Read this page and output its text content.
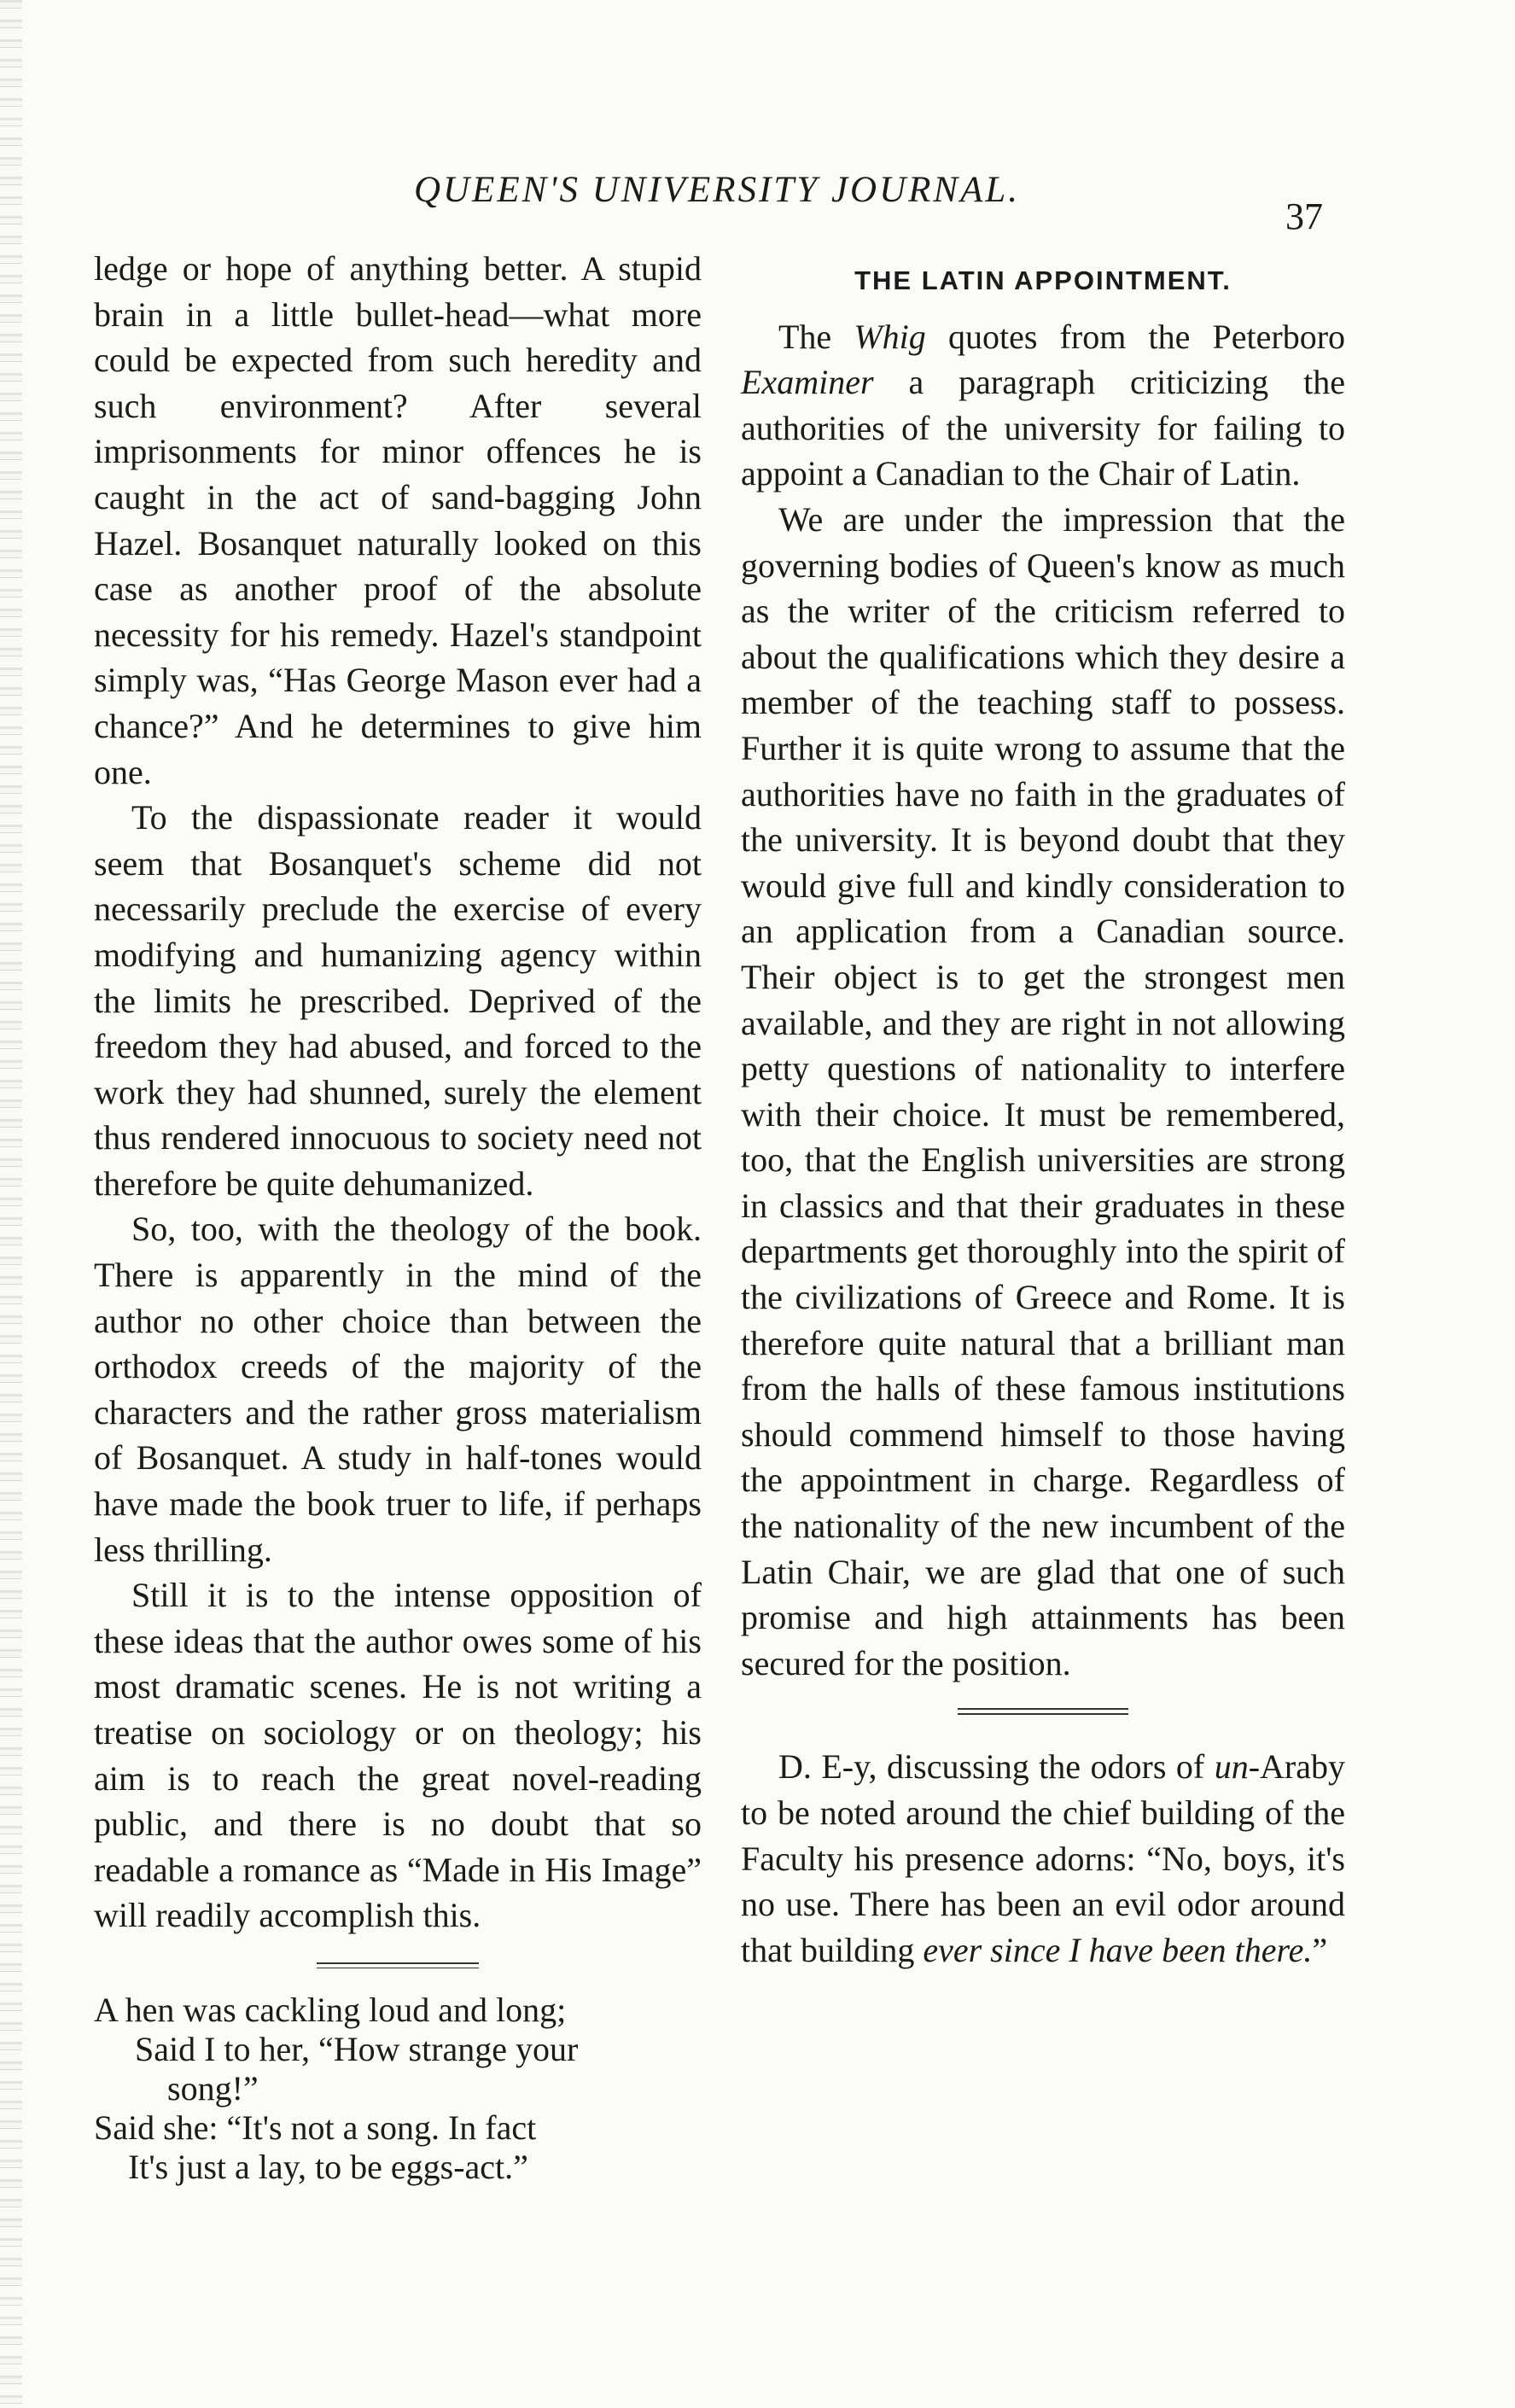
QUEEN'S UNIVERSITY JOURNAL.
37

ledge or hope of anything better. A stupid brain in a little bullet-head—what more could be expected from such heredity and such environment? After several imprisonments for minor offences he is caught in the act of sand-bagging John Hazel. Bosanquet naturally looked on this case as another proof of the absolute necessity for his remedy. Hazel's standpoint simply was, “Has George Mason ever had a chance?” And he determines to give him one.

To the dispassionate reader it would seem that Bosanquet's scheme did not necessarily preclude the exercise of every modifying and humanizing agency within the limits he prescribed. Deprived of the freedom they had abused, and forced to the work they had shunned, surely the element thus rendered innocuous to society need not therefore be quite dehumanized.

So, too, with the theology of the book. There is apparently in the mind of the author no other choice than between the orthodox creeds of the majority of the characters and the rather gross materialism of Bosanquet. A study in half-tones would have made the book truer to life, if perhaps less thrilling.

Still it is to the intense opposition of these ideas that the author owes some of his most dramatic scenes. He is not writing a treatise on sociology or on theology; his aim is to reach the great novel-reading public, and there is no doubt that so readable a romance as “Made in His Image” will readily accomplish this.

A hen was cackling loud and long;
Said I to her, “How strange your
song!”
Said she: “It's not a song. In fact
It's just a lay, to be eggs-act.”
THE LATIN APPOINTMENT.

The Whig quotes from the Peterboro Examiner a paragraph criticizing the authorities of the university for failing to appoint a Canadian to the Chair of Latin.

We are under the impression that the governing bodies of Queen's know as much as the writer of the criticism referred to about the qualifications which they desire a member of the teaching staff to possess. Further it is quite wrong to assume that the authorities have no faith in the graduates of the university. It is beyond doubt that they would give full and kindly consideration to an application from a Canadian source. Their object is to get the strongest men available, and they are right in not allowing petty questions of nationality to interfere with their choice. It must be remembered, too, that the English universities are strong in classics and that their graduates in these departments get thoroughly into the spirit of the civilizations of Greece and Rome. It is therefore quite natural that a brilliant man from the halls of these famous institutions should commend himself to those having the appointment in charge. Regardless of the nationality of the new incumbent of the Latin Chair, we are glad that one of such promise and high attainments has been secured for the position.

D. E-y, discussing the odors of un-Araby to be noted around the chief building of the Faculty his presence adorns: “No, boys, it's no use. There has been an evil odor around that building ever since I have been there.”
